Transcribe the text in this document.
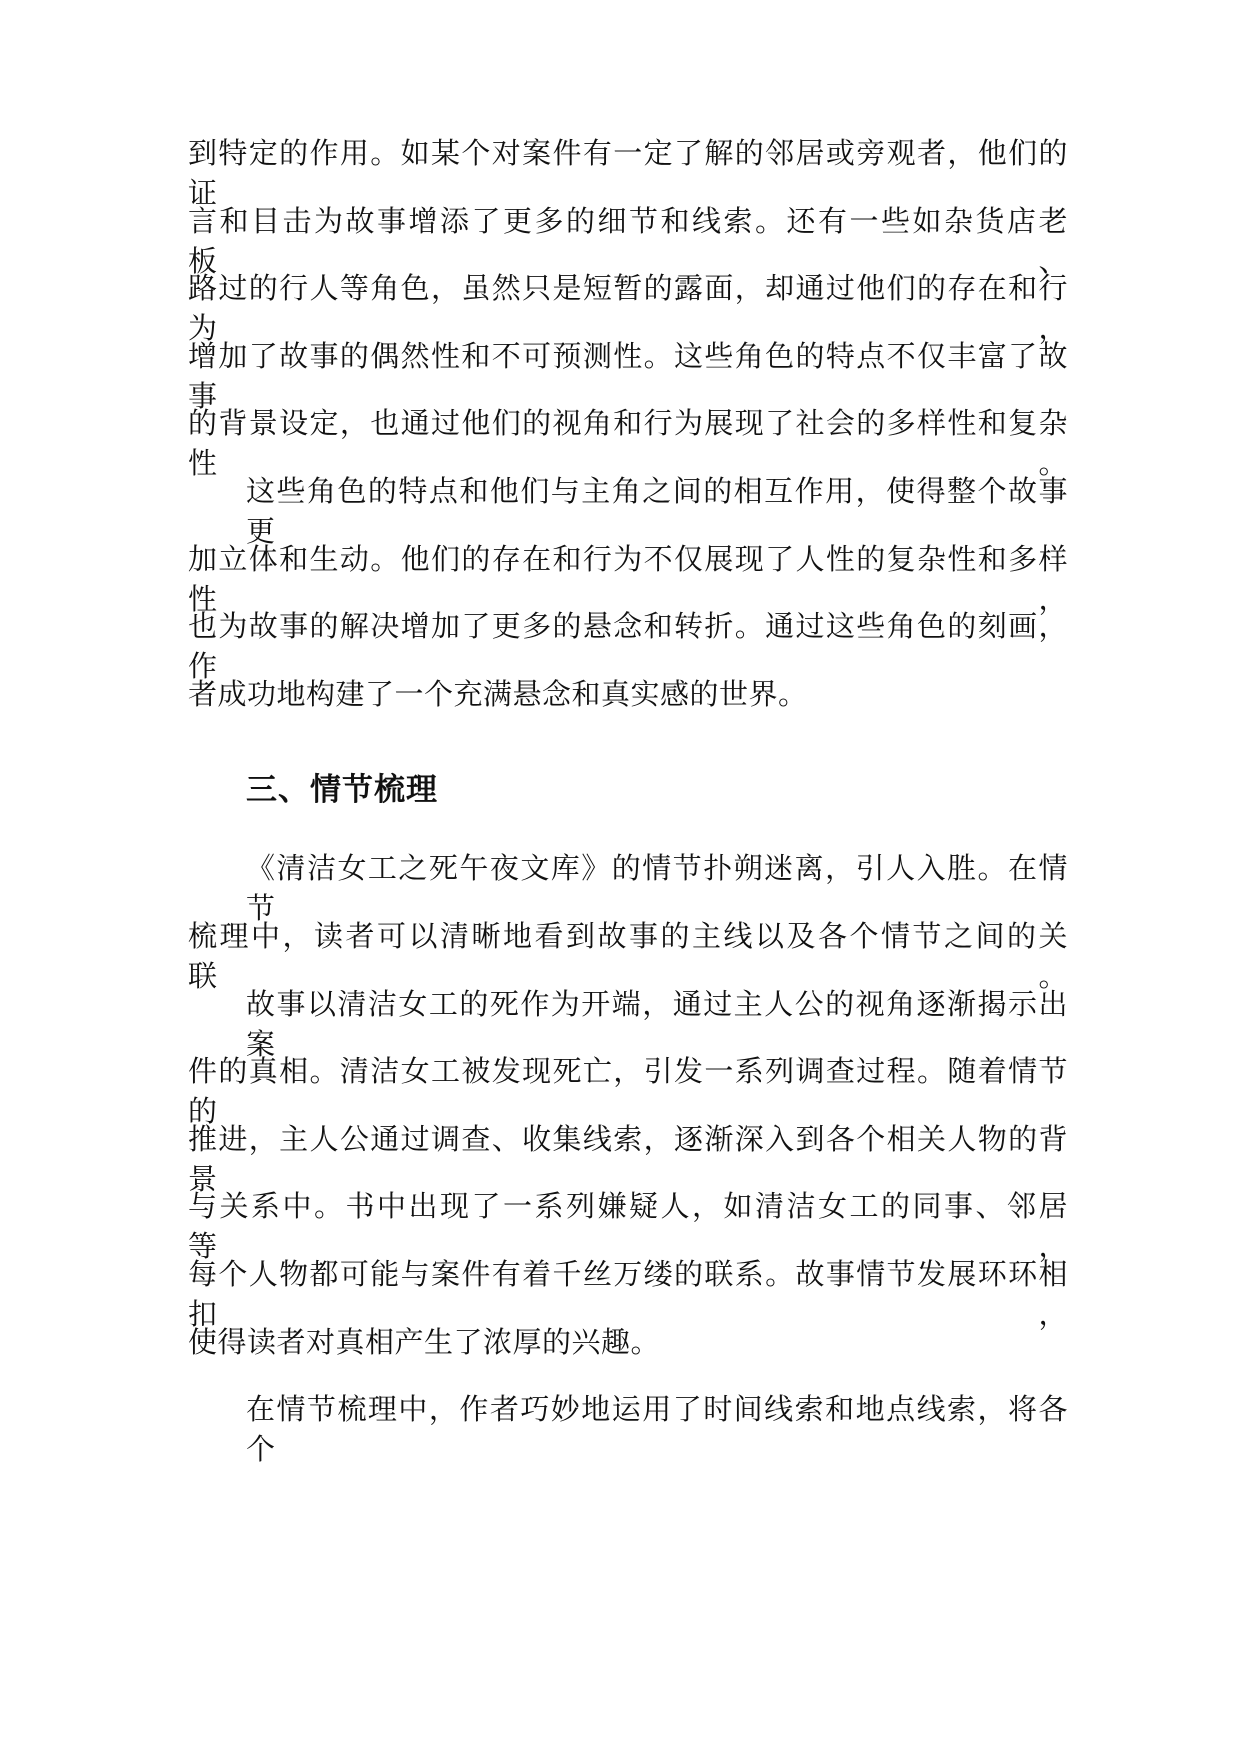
到特定的作用。如某个对案件有一定了解的邻居或旁观者，他们的证
言和目击为故事增添了更多的细节和线索。还有一些如杂货店老板、
路过的行人等角色，虽然只是短暂的露面，却通过他们的存在和行为，
增加了故事的偶然性和不可预测性。这些角色的特点不仅丰富了故事
的背景设定，也通过他们的视角和行为展现了社会的多样性和复杂性。
这些角色的特点和他们与主角之间的相互作用，使得整个故事更
加立体和生动。他们的存在和行为不仅展现了人性的复杂性和多样性，
也为故事的解决增加了更多的悬念和转折。通过这些角色的刻画，作
者成功地构建了一个充满悬念和真实感的世界。
三、情节梳理
《清洁女工之死午夜文库》的情节扑朔迷离，引人入胜。在情节
梳理中，读者可以清晰地看到故事的主线以及各个情节之间的关联。
故事以清洁女工的死作为开端，通过主人公的视角逐渐揭示出案
件的真相。清洁女工被发现死亡，引发一系列调查过程。随着情节的
推进，主人公通过调查、收集线索，逐渐深入到各个相关人物的背景
与关系中。书中出现了一系列嫌疑人，如清洁女工的同事、邻居等，
每个人物都可能与案件有着千丝万缕的联系。故事情节发展环环相扣，
使得读者对真相产生了浓厚的兴趣。
在情节梳理中，作者巧妙地运用了时间线索和地点线索，将各个
